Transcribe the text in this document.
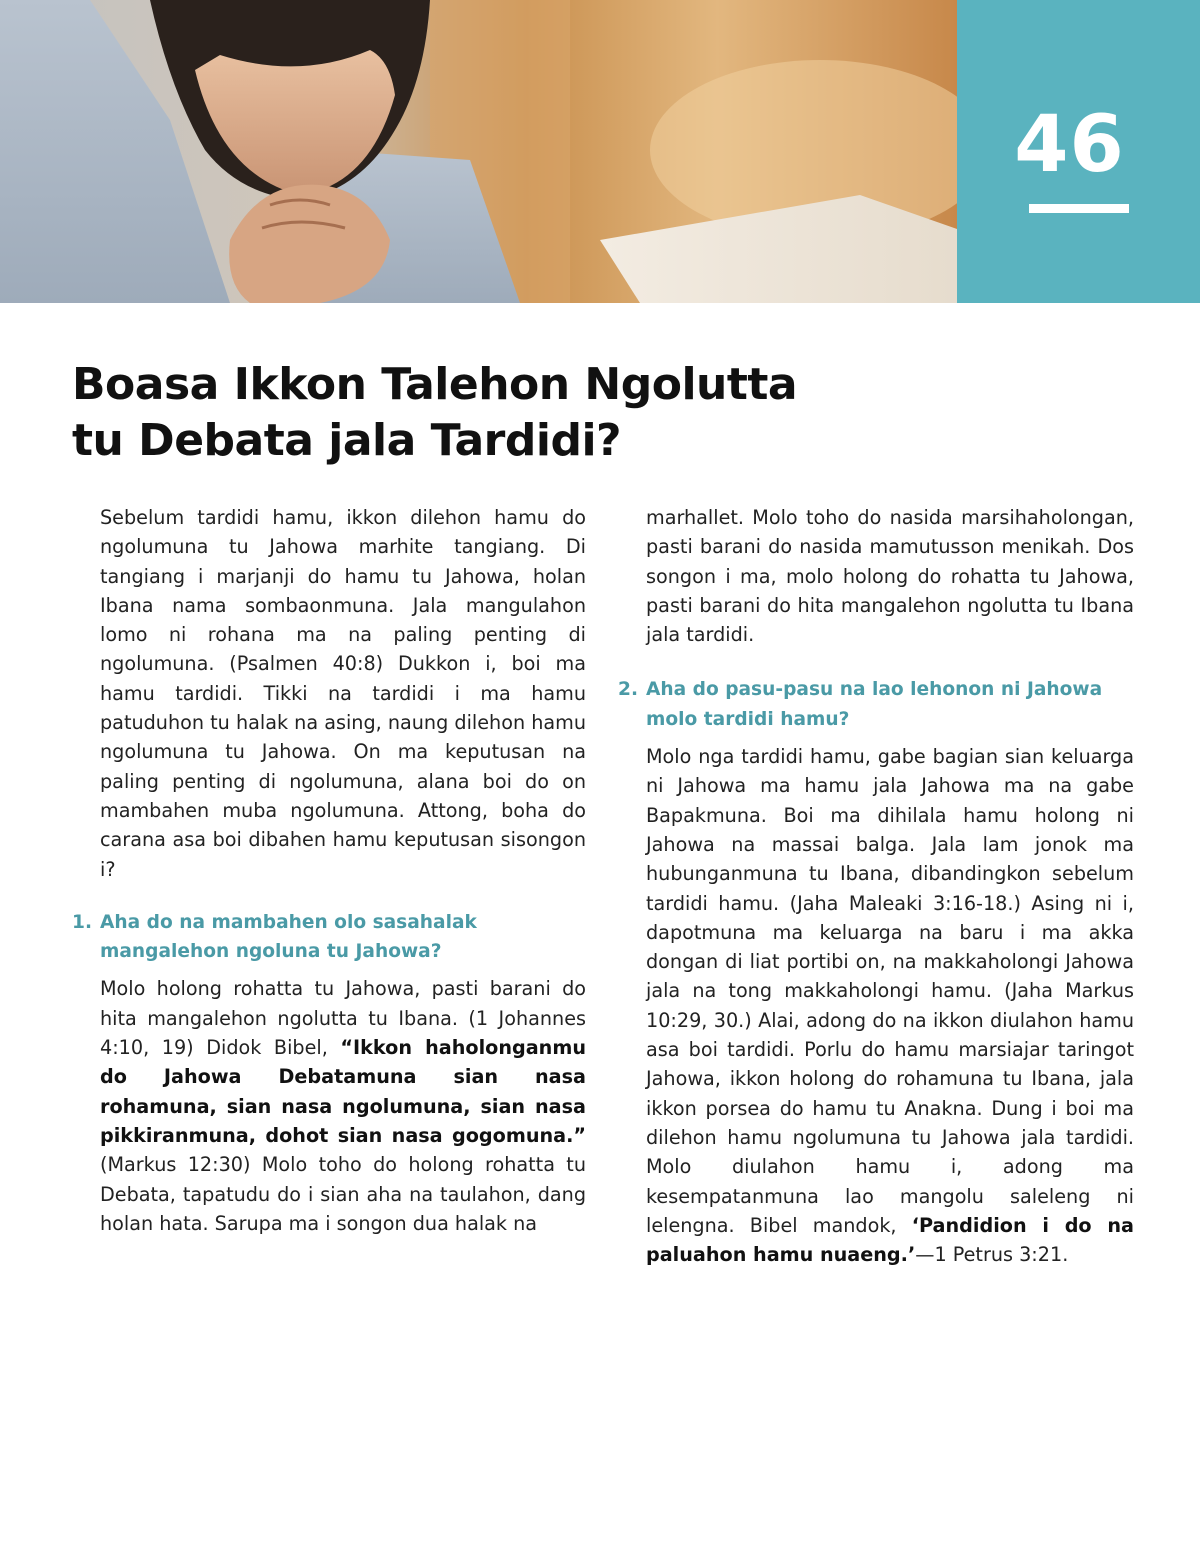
46
Boasa Ikkon Talehon Ngolutta
tu Debata jala Tardidi?

Sebelum tardidi hamu, ikkon dilehon hamu do ngolumuna tu Jahowa marhite tangiang. Di tangiang i marjanji do hamu tu Jahowa, holan Ibana nama sombaonmuna. Jala mangulahon lomo ni rohana ma na paling penting di ngolumuna. (Psalmen 40:8) Dukkon i, boi ma hamu tardidi. Tikki na tardidi i ma hamu patuduhon tu halak na asing, naung dilehon hamu ngolumuna tu Jahowa. On ma keputusan na paling penting di ngolumuna, alana boi do on mambahen muba ngolumuna. Attong, boha do carana asa boi dibahen hamu keputusan sisongon i?

1. Aha do na mambahen olo sasahalak mangalehon ngoluna tu Jahowa?

Molo holong rohatta tu Jahowa, pasti barani do hita mangalehon ngolutta tu Ibana. (1 Johannes 4:10, 19) Didok Bibel, “Ikkon haholonganmu do Jahowa Debatamuna sian nasa rohamuna, sian nasa ngolumuna, sian nasa pikkiranmuna, dohot sian nasa gogomuna.” (Markus 12:30) Molo toho do holong rohatta tu Debata, tapatudu do i sian aha na taulahon, dang holan hata. Sarupa ma i songon dua halak na

marhallet. Molo toho do nasida marsihaholongan, pasti barani do nasida mamutusson menikah. Dos songon i ma, molo holong do rohatta tu Jahowa, pasti barani do hita mangalehon ngolutta tu Ibana jala tardidi.

2. Aha do pasu-pasu na lao lehonon ni Jahowa molo tardidi hamu?

Molo nga tardidi hamu, gabe bagian sian keluarga ni Jahowa ma hamu jala Jahowa ma na gabe Bapakmuna. Boi ma dihilala hamu holong ni Jahowa na massai balga. Jala lam jonok ma hubunganmuna tu Ibana, dibandingkon sebelum tardidi hamu. (Jaha Maleaki 3:16-18.) Asing ni i, dapotmuna ma keluarga na baru i ma akka dongan di liat portibi on, na makkaholongi Jahowa jala na tong makkaholongi hamu. (Jaha Markus 10:29, 30.) Alai, adong do na ikkon diulahon hamu asa boi tardidi. Porlu do hamu marsiajar taringot Jahowa, ikkon holong do rohamuna tu Ibana, jala ikkon porsea do hamu tu Anakna. Dung i boi ma dilehon hamu ngolumuna tu Jahowa jala tardidi. Molo diulahon hamu i, adong ma kesempatanmuna lao mangolu saleleng ni lelengna. Bibel mandok, ‘Pandidion i do na paluahon hamu nuaeng.’—1 Petrus 3:21.
